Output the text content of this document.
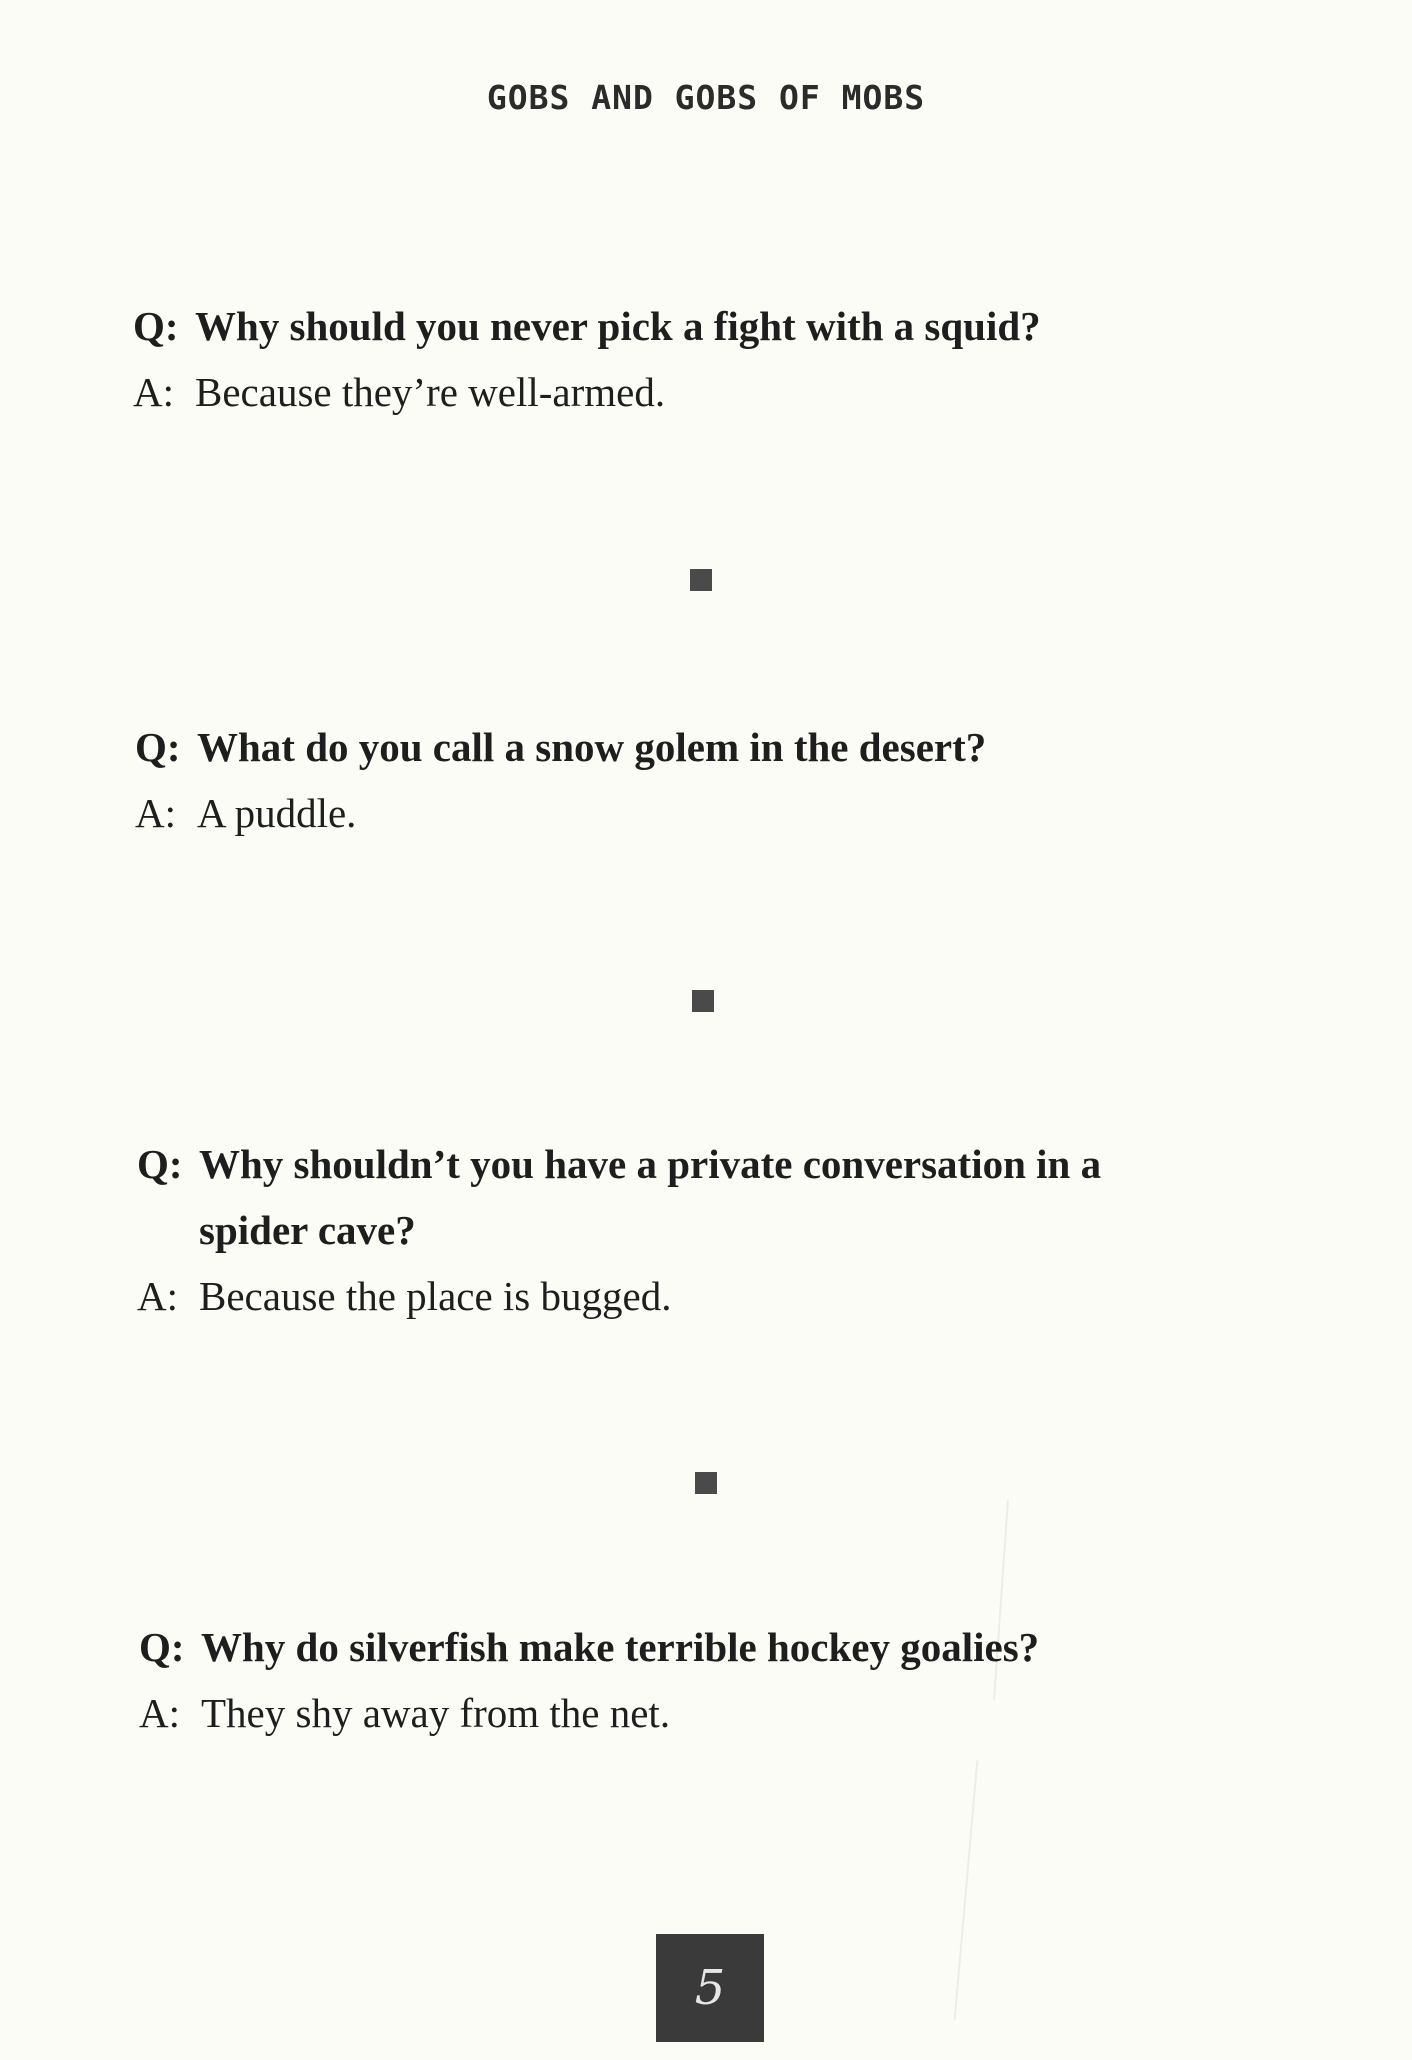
GOBS AND GOBS OF MOBS
Q: Why should you never pick a fight with a squid?
A: Because they’re well-armed.
Q: What do you call a snow golem in the desert?
A: A puddle.
Q: Why shouldn’t you have a private conversation in a
spider cave?
A: Because the place is bugged.
Q: Why do silverfish make terrible hockey goalies?
A: They shy away from the net.
5
